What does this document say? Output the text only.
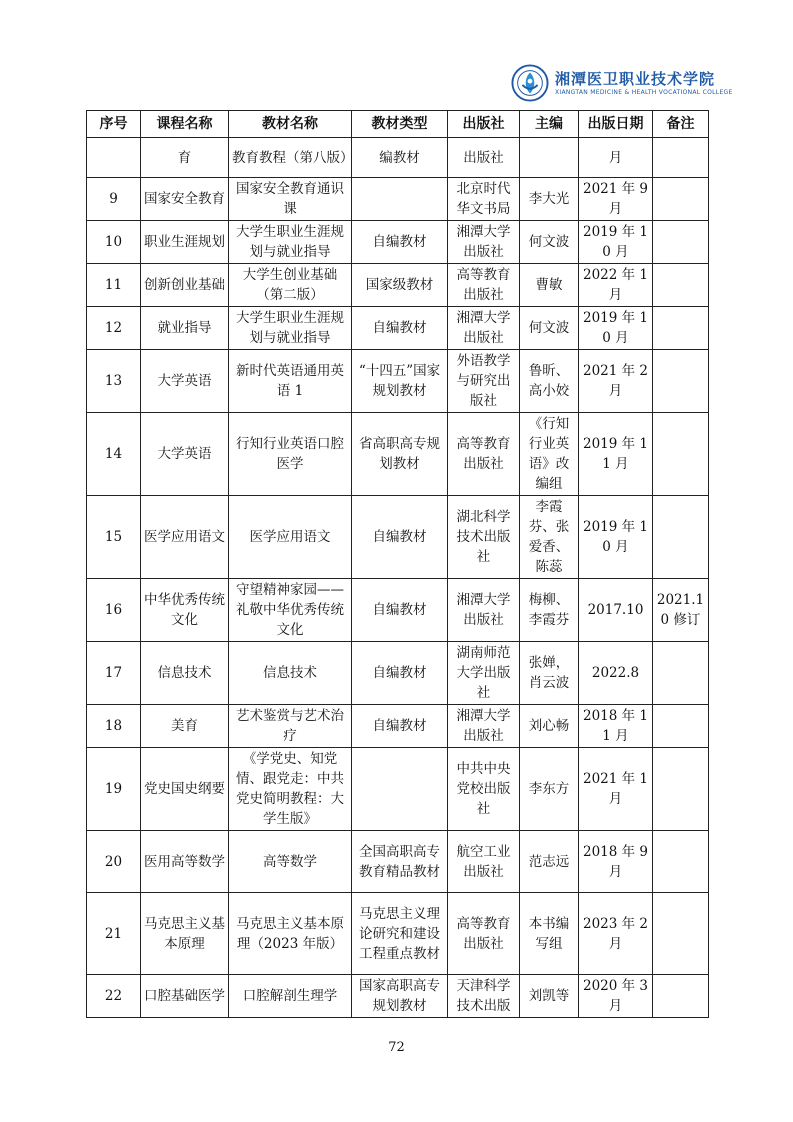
湘潭医卫职业技术学院
XIANGTAN MEDICINE & HEALTH VOCATIONAL COLLEGE
序号	课程名称	教材名称	教材类型	出版社	主编	出版日期	备注
	育	教育教程（第八版）	编教材	出版社		月	
9	国家安全教育	国家安全教育通识课		北京时代华文书局	李大光	2021 年 9 月	
10	职业生涯规划	大学生职业生涯规划与就业指导	自编教材	湘潭大学出版社	何文波	2019 年 10 月	
11	创新创业基础	大学生创业基础（第二版）	国家级教材	高等教育出版社	曹敏	2022 年 1 月	
12	就业指导	大学生职业生涯规划与就业指导	自编教材	湘潭大学出版社	何文波	2019 年 10 月	
13	大学英语	新时代英语通用英语 1	“十四五”国家规划教材	外语教学与研究出版社	鲁昕、高小姣	2021 年 2 月	
14	大学英语	行知行业英语口腔医学	省高职高专规划教材	高等教育出版社	《行知行业英语》改编组	2019 年 11 月	
15	医学应用语文	医学应用语文	自编教材	湖北科学技术出版社	李霞芬、张爱香、陈蕊	2019 年 10 月	
16	中华优秀传统文化	守望精神家园——礼敬中华优秀传统文化	自编教材	湘潭大学出版社	梅柳、李霞芬	2017.10	2021.10 修订
17	信息技术	信息技术	自编教材	湖南师范大学出版社	张婵，肖云波	2022.8	
18	美育	艺术鉴赏与艺术治疗	自编教材	湘潭大学出版社	刘心畅	2018 年 11 月	
19	党史国史纲要	《学党史、知党情、跟党走：中共党史简明教程：大学生版》		中共中央党校出版社	李东方	2021 年 1 月	
20	医用高等数学	高等数学	全国高职高专教育精品教材	航空工业出版社	范志远	2018 年 9 月	
21	马克思主义基本原理	马克思主义基本原理（2023 年版）	马克思主义理论研究和建设工程重点教材	高等教育出版社	本书编写组	2023 年 2 月	
22	口腔基础医学	口腔解剖生理学	国家高职高专规划教材	天津科学技术出版	刘凯等	2020 年 3 月	
72
